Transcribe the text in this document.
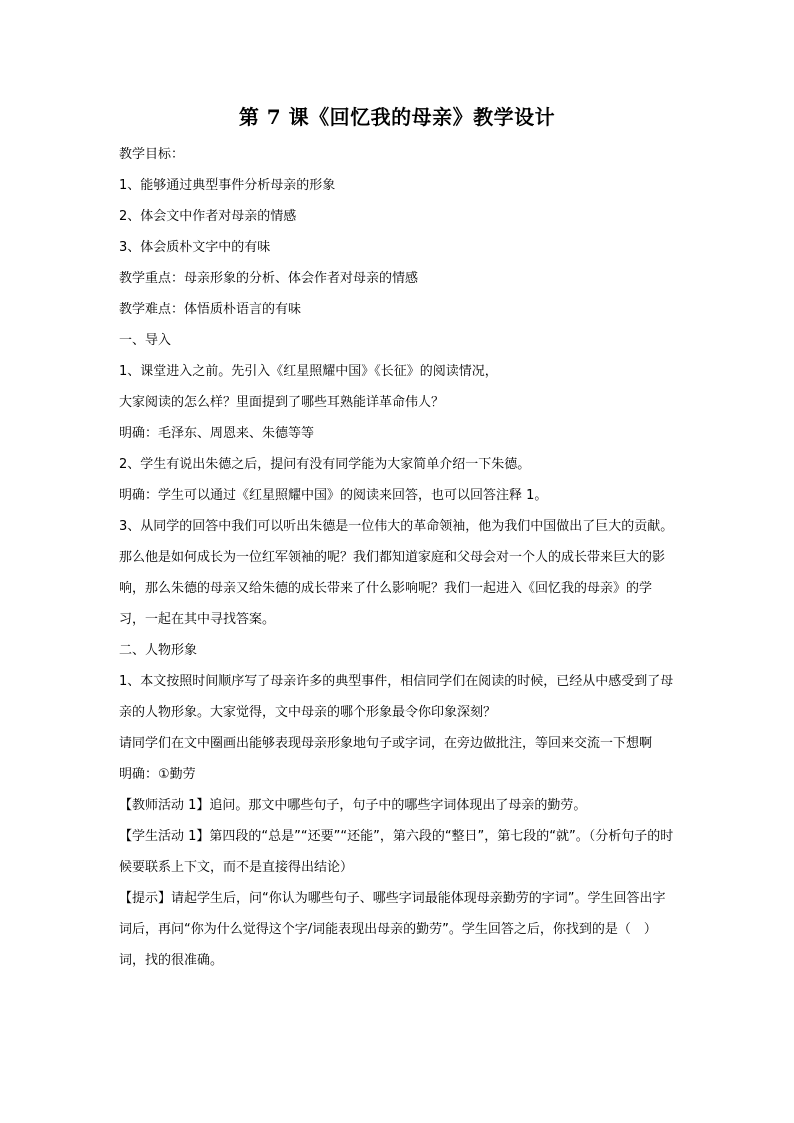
第 7 课《回忆我的母亲》教学设计

教学目标：

1、能够通过典型事件分析母亲的形象

2、体会文中作者对母亲的情感

3、体会质朴文字中的有味

教学重点：母亲形象的分析、体会作者对母亲的情感

教学难点：体悟质朴语言的有味

一、导入

1、课堂进入之前。先引入《红星照耀中国》《长征》的阅读情况，

大家阅读的怎么样？里面提到了哪些耳熟能详革命伟人？

明确：毛泽东、周恩来、朱德等等

2、学生有说出朱德之后，提问有没有同学能为大家简单介绍一下朱德。

明确：学生可以通过《红星照耀中国》的阅读来回答，也可以回答注释 1。

3、从同学的回答中我们可以听出朱德是一位伟大的革命领袖，他为我们中国做出了巨大的贡献。那么他是如何成长为一位红军领袖的呢？我们都知道家庭和父母会对一个人的成长带来巨大的影响，那么朱德的母亲又给朱德的成长带来了什么影响呢？我们一起进入《回忆我的母亲》的学习，一起在其中寻找答案。

二、人物形象

1、本文按照时间顺序写了母亲许多的典型事件，相信同学们在阅读的时候，已经从中感受到了母亲的人物形象。大家觉得，文中母亲的哪个形象最令你印象深刻？

请同学们在文中圈画出能够表现母亲形象地句子或字词，在旁边做批注，等回来交流一下想啊

明确：①勤劳

【教师活动 1】追问。那文中哪些句子，句子中的哪些字词体现出了母亲的勤劳。

【学生活动 1】第四段的“总是”“还要”“还能”，第六段的“整日”，第七段的“就”。（分析句子的时候要联系上下文，而不是直接得出结论）

【提示】请起学生后，问“你认为哪些句子、哪些字词最能体现母亲勤劳的字词”。学生回答出字词后，再问“你为什么觉得这个字/词能表现出母亲的勤劳”。学生回答之后，你找到的是（　）词，找的很准确。
